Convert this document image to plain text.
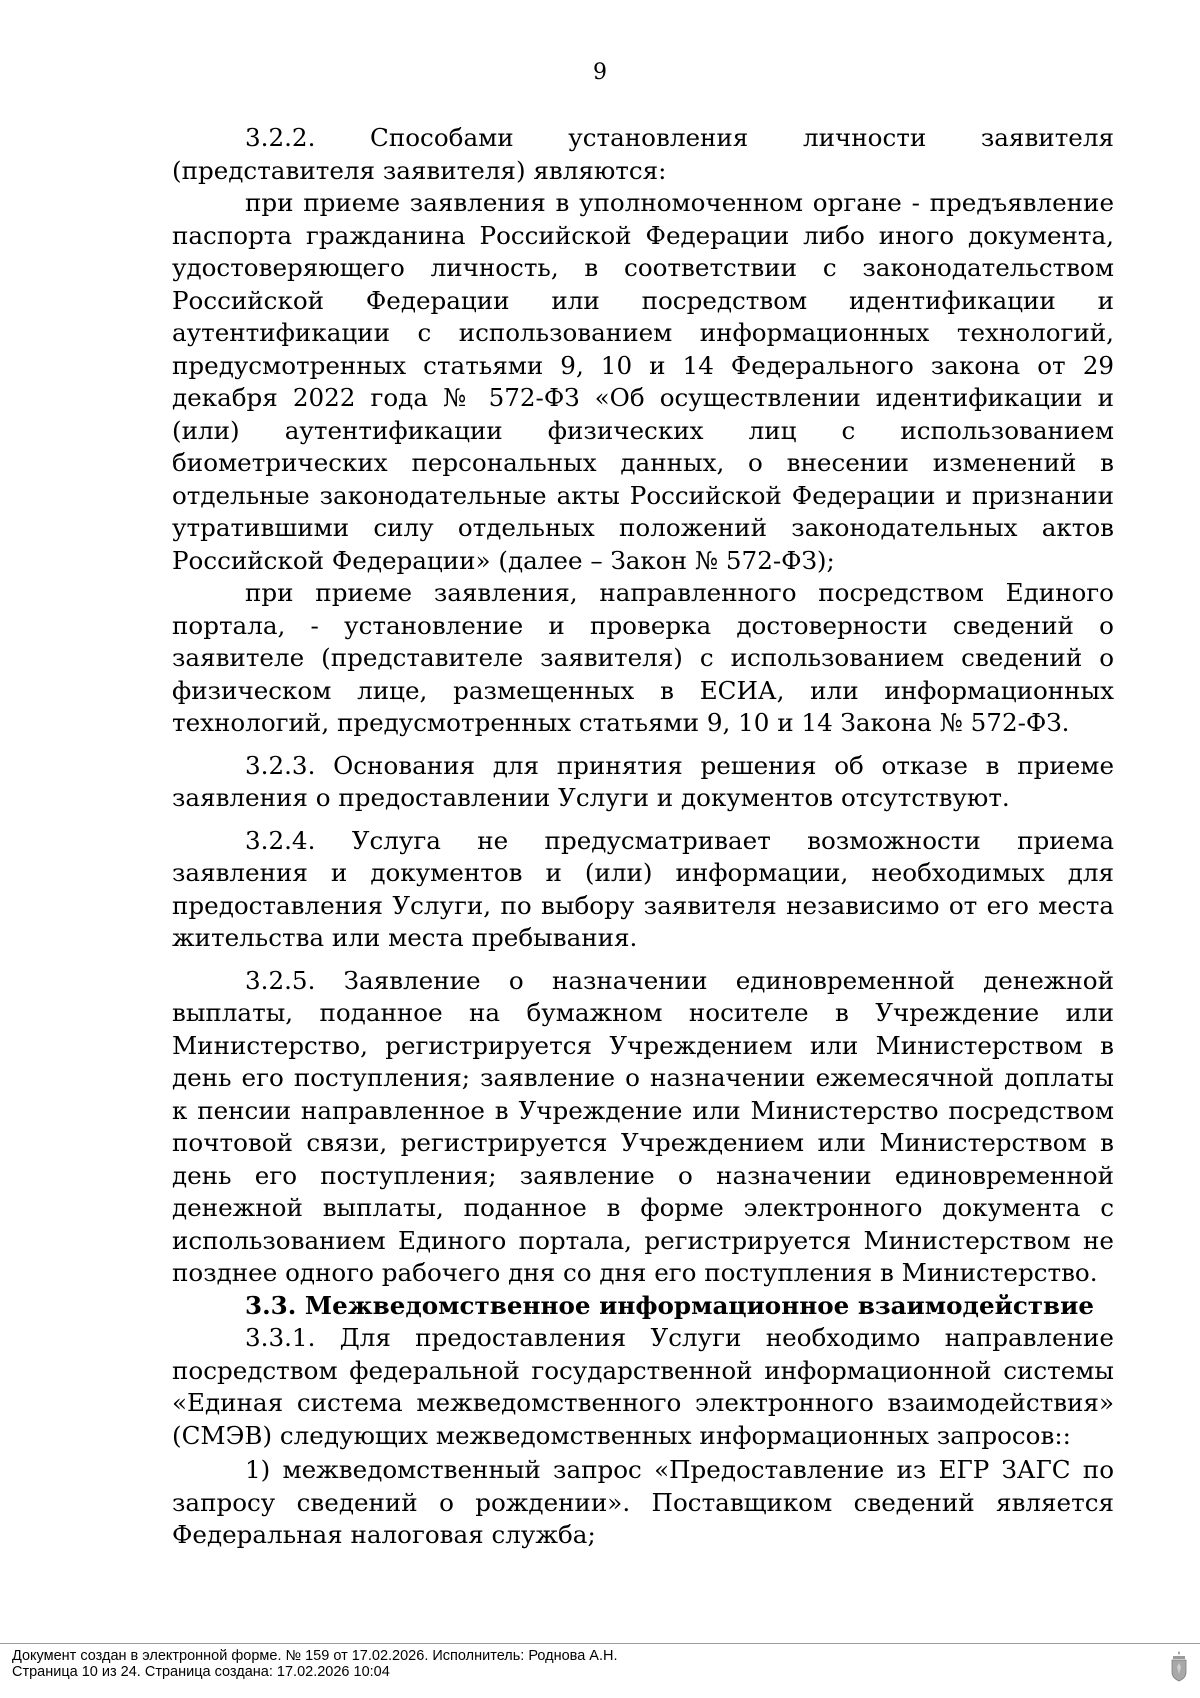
9

3.2.2. Способами установления личности заявителя (представителя заявителя) являются:

при приеме заявления в уполномоченном органе - предъявление паспорта гражданина Российской Федерации либо иного документа, удостоверяющего личность, в соответствии с законодательством Российской Федерации или посредством идентификации и аутентификации с использованием информационных технологий, предусмотренных статьями 9, 10 и 14 Федерального закона от 29 декабря 2022 года № 572-ФЗ «Об осуществлении идентификации и (или) аутентификации физических лиц с использованием биометрических персональных данных, о внесении изменений в отдельные законодательные акты Российской Федерации и признании утратившими силу отдельных положений законодательных актов Российской Федерации» (далее – Закон № 572-ФЗ);

при приеме заявления, направленного посредством Единого портала, - установление и проверка достоверности сведений о заявителе (представителе заявителя) с использованием сведений о физическом лице, размещенных в ЕСИА, или информационных технологий, предусмотренных статьями 9, 10 и 14 Закона № 572-ФЗ.

3.2.3. Основания для принятия решения об отказе в приеме заявления о предоставлении Услуги и документов отсутствуют.

3.2.4. Услуга не предусматривает возможности приема заявления и документов и (или) информации, необходимых для предоставления Услуги, по выбору заявителя независимо от его места жительства или места пребывания.

3.2.5. Заявление о назначении единовременной денежной выплаты, поданное на бумажном носителе в Учреждение или Министерство, регистрируется Учреждением или Министерством в день его поступления; заявление о назначении ежемесячной доплаты к пенсии направленное в Учреждение или Министерство посредством почтовой связи, регистрируется Учреждением или Министерством в день его поступления; заявление о назначении единовременной денежной выплаты, поданное в форме электронного документа с использованием Единого портала, регистрируется Министерством не позднее одного рабочего дня со дня его поступления в Министерство.

3.3. Межведомственное информационное взаимодействие

3.3.1. Для предоставления Услуги необходимо направление посредством федеральной государственной информационной системы «Единая система межведомственного электронного взаимодействия» (СМЭВ) следующих межведомственных информационных запросов::

1) межведомственный запрос «Предоставление из ЕГР ЗАГС по запросу сведений о рождении». Поставщиком сведений является Федеральная налоговая служба;

Документ создан в электронной форме. № 159 от 17.02.2026. Исполнитель: Роднова А.Н.
Страница 10 из 24. Страница создана: 17.02.2026 10:04
